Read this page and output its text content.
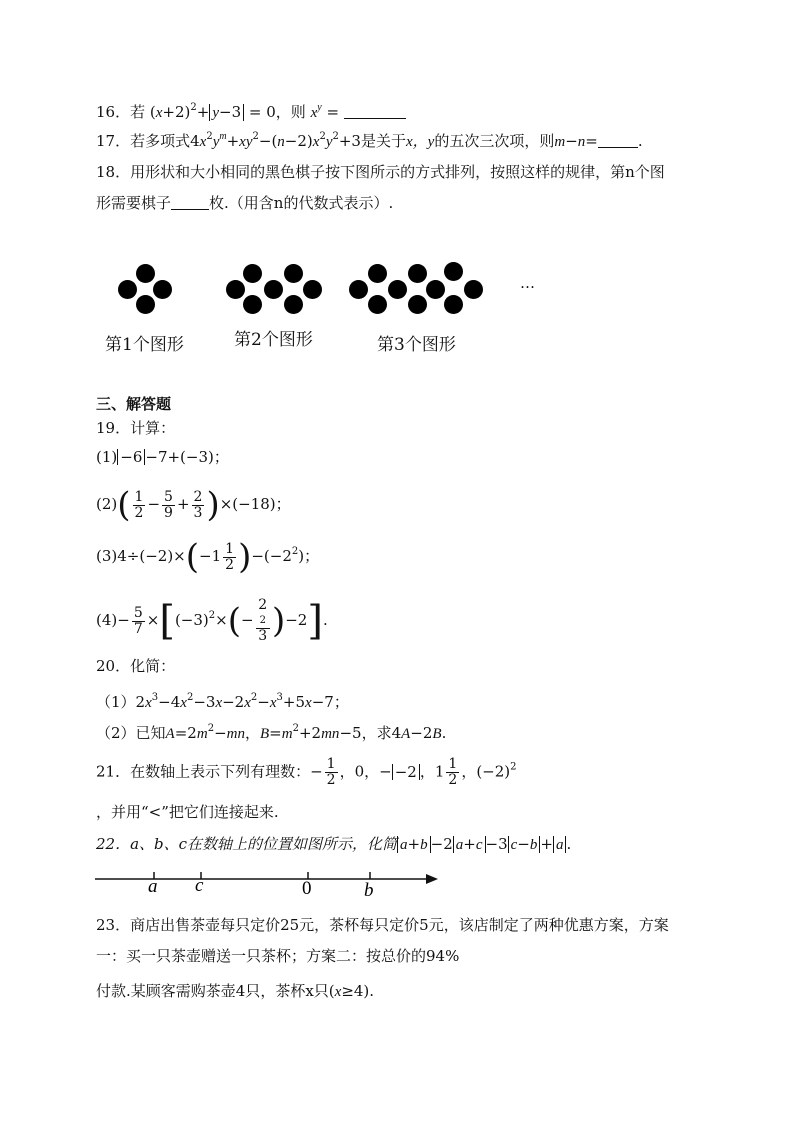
16．若 $(x+2)^2+ y-3 = 0$，则 $x^y$ =
17．若多项式$4x^2y^m+xy^2-(n-2)x^2y^2+3$是关于x，y的五次三次项，则m−n=	.
18．用形状和大小相同的黑色棋子按下图所示的方式排列，按照这样的规律，第n个图
形需要棋子	枚.（用含n的代数式表示）.
…
第1个图形	第2个图形	第3个图形
三、解答题
19．计算：
(1) −6 −7+(−3)；
$(2)( \frac{1}{2} - \frac{5}{9} + \frac{2}{3} )\times(-18)$；
$(3)4\div(-2)\times(-1 \frac{1}{2} )-(-2^2)$；
$(4)- \frac{5}{7} \times[(-3)^2\times(- 2$
2
3 )−2].
20．化简：
$(1)2x^3-4x^2-3x-2x^2-x^3+5x-7$；
（2）已知$A=2m^2-mn$，$B=m^2+2mn-5$，求4A−2B.
21．在数轴上表示下列有理数：− $\frac{1}{2}$ ，0，− −2 ，$1 \frac{1}{2}$ ，$(-2)^2$
，并用“<”把它们连接起来.
22．a、b、c在数轴上的位置如图所示，化简 a+b −2 a+c −3 c−b + a .
a c	0	b
23．商店出售茶壶每只定价25元，茶杯每只定价5元，该店制定了两种优惠方案，方案
一：买一只茶壶赠送一只茶杯；方案二：按总价的94%
付款.某顾客需购茶壶4只，茶杯x只(x≥4).
